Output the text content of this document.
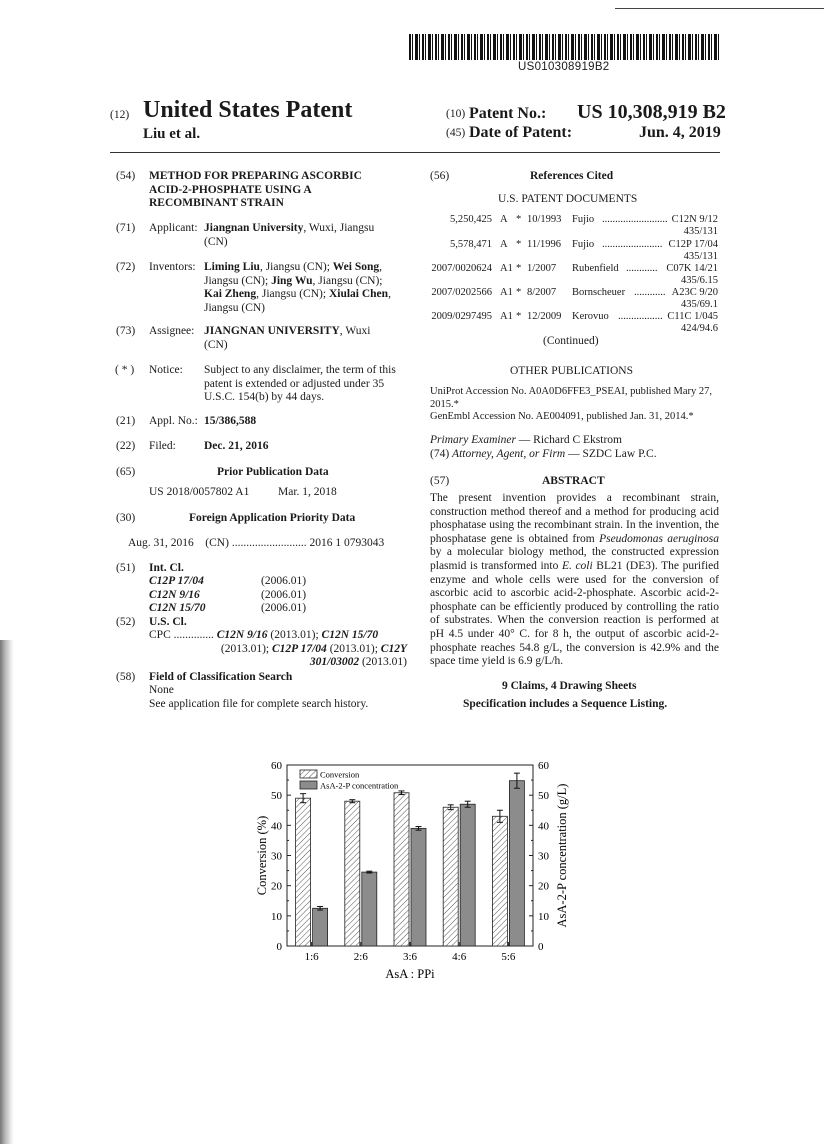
US010308919B2
(12) United States Patent
Liu et al.
(10) Patent No.: US 10,308,919 B2
(45) Date of Patent:	Jun. 4, 2019
(54) METHOD FOR PREPARING ASCORBIC
ACID-2-PHOSPHATE USING A
RECOMBINANT STRAIN
(71) Applicant: Jiangnan University, Wuxi, Jiangsu
(CN)
(72) Inventors: Liming Liu, Jiangsu (CN); Wei Song,
Jiangsu (CN); Jing Wu, Jiangsu (CN);
Kai Zheng, Jiangsu (CN); Xiulai Chen,
Jiangsu (CN)
(73) Assignee: JIANGNAN UNIVERSITY, Wuxi
(CN)
( * ) Notice: Subject to any disclaimer, the term of this
patent is extended or adjusted under 35
U.S.C. 154(b) by 44 days.
(21) Appl. No.: 15/386,588
(22) Filed: Dec. 21, 2016
(65)	Prior Publication Data
US 2018/0057802 A1 Mar. 1, 2018
(30)	Foreign Application Priority Data
Aug. 31, 2016    (CN) .......................... 2016 1 0793043
(51) Int. Cl.
C12P 17/04	(2006.01)
C12N 9/16	(2006.01)
C12N 15/70	(2006.01)
(52) U.S. Cl.
CPC .............. C12N 9/16 (2013.01); C12N 15/70
(2013.01); C12P 17/04 (2013.01); C12Y
301/03002 (2013.01)
(58) Field of Classification Search
None
See application file for complete search history.
(56)	References Cited
U.S. PATENT DOCUMENTS
5,250,425 A * 10/1993 Fujio ......................... C12N 9/12
435/131
5,578,471 A * 11/1996 Fujio ....................... C12P 17/04
435/131
2007/0020624 A1 * 1/2007 Rubenfield ............ C07K 14/21
435/6.15
2007/0202566 A1 * 8/2007 Bornscheuer ............ A23C 9/20
435/69.1
2009/0297495 A1 * 12/2009 Kerovuo ................. C11C 1/045
424/94.6
(Continued)
OTHER PUBLICATIONS
UniProt Accession No. A0A0D6FFE3_PSEAI, published Mary 27,
2015.*
GenEmbl Accession No. AE004091, published Jan. 31, 2014.*
Primary Examiner — Richard C Ekstrom
(74) Attorney, Agent, or Firm — SZDC Law P.C.
(57)	ABSTRACT
The present invention provides a recombinant strain, construction method thereof and a method for producing acid phosphatase using the recombinant strain. In the invention, the phosphatase gene is obtained from Pseudomonas aeruginosa by a molecular biology method, the constructed expression plasmid is transformed into E. coli BL21 (DE3). The purified enzyme and whole cells were used for the conversion of ascorbic acid to ascorbic acid-2-phosphate. Ascorbic acid-2-phosphate can be efficiently produced by controlling the ratio of substrates. When the conversion reaction is performed at pH 4.5 under 40° C. for 8 h, the output of ascorbic acid-2-phosphate reaches 54.8 g/L, the conversion is 42.9% and the space time yield is 6.9 g/L/h.
9 Claims, 4 Drawing Sheets
Specification includes a Sequence Listing.
0	0
10	10
20	20
30	30
40	40
50	50
60	60
1:6	2:6	3:6	4:6	5:6
AsA : PPi
Conversion (%)	AsA-2-P concentration (g/L)
Conversion
AsA-2-P concentration
